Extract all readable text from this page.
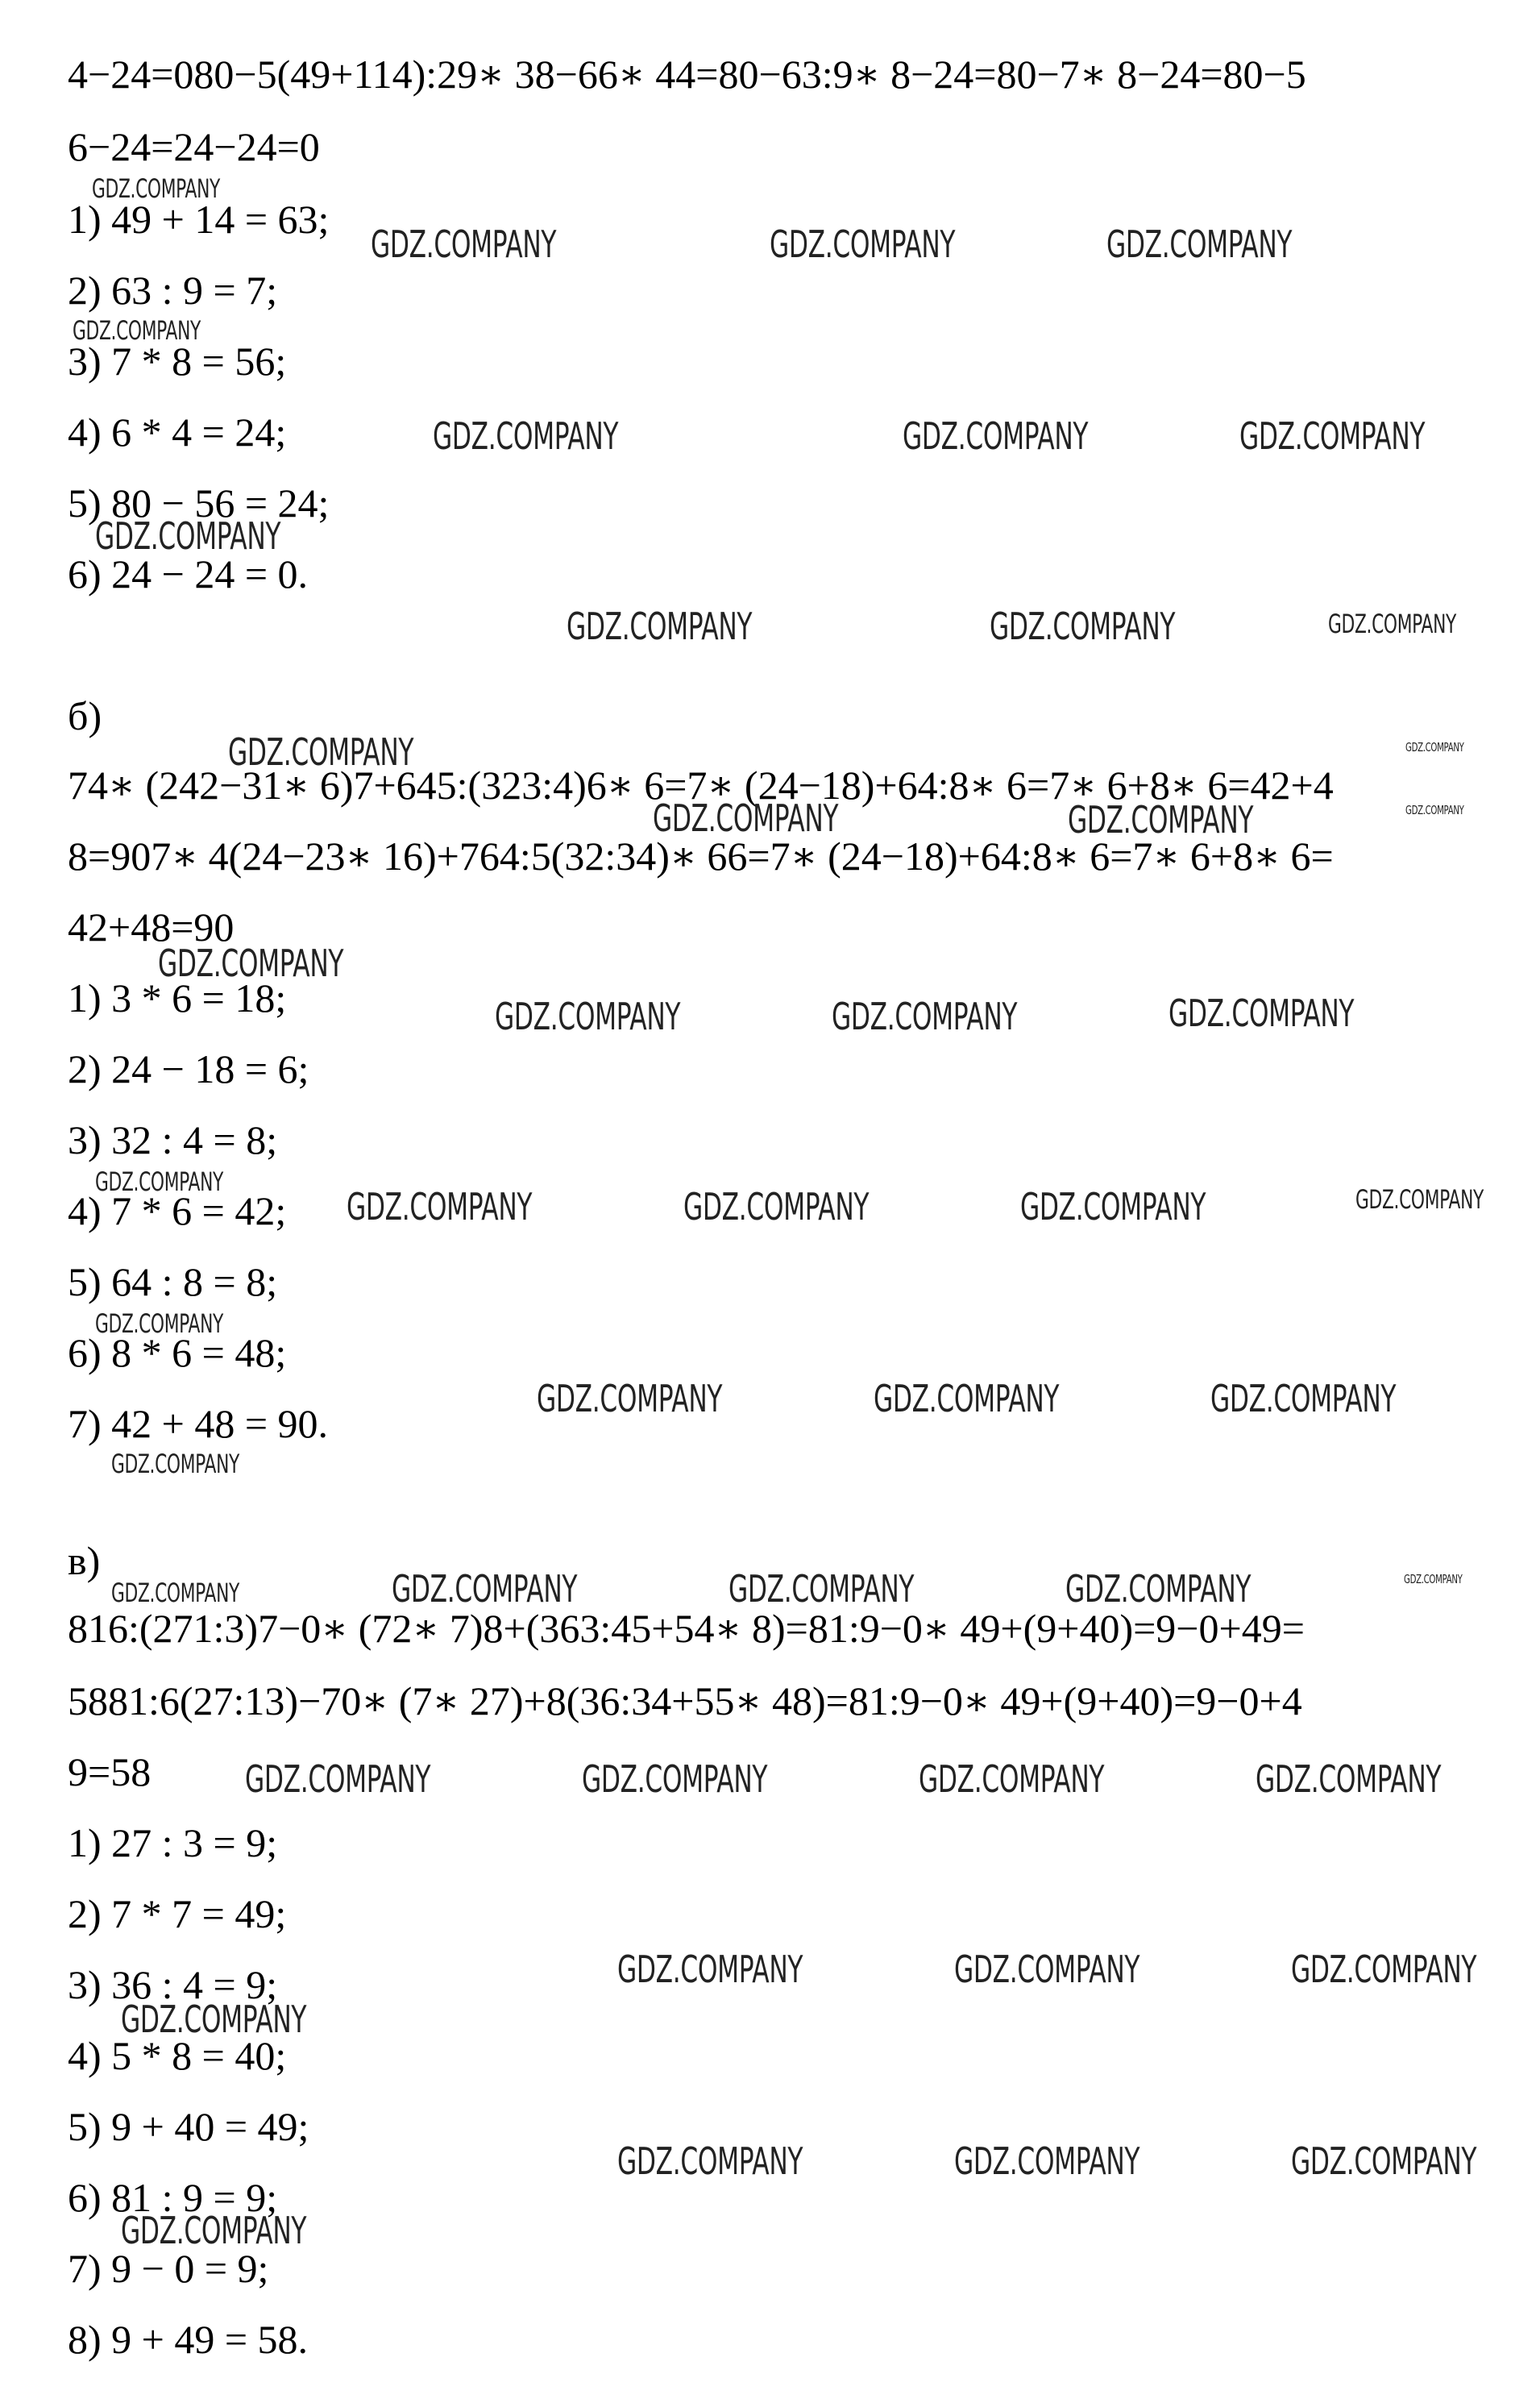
4−24=080−5(49+114):29∗ 38−66∗ 44=80−63:9∗ 8−24=80−7∗ 8−24=80−5

6−24=24−24=0

1) 49 + 14 = 63;

2) 63 : 9 = 7;

3) 7 * 8 = 56;

4) 6 * 4 = 24;

5) 80 − 56 = 24;

6) 24 − 24 = 0.

б)

74∗ (242−31∗ 6)7+645:(323:4)6∗ 6=7∗ (24−18)+64:8∗ 6=7∗ 6+8∗ 6=42+4

8=907∗ 4(24−23∗ 16)+764:5(32:34)∗ 66=7∗ (24−18)+64:8∗ 6=7∗ 6+8∗ 6=

42+48=90

1) 3 * 6 = 18;

2) 24 − 18 = 6;

3) 32 : 4 = 8;

4) 7 * 6 = 42;

5) 64 : 8 = 8;

6) 8 * 6 = 48;

7) 42 + 48 = 90.

в)

816:(271:3)7−0∗ (72∗ 7)8+(363:45+54∗ 8)=81:9−0∗ 49+(9+40)=9−0+49=

5881:6(27:13)−70∗ (7∗ 27)+8(36:34+55∗ 48)=81:9−0∗ 49+(9+40)=9−0+4

9=58

1) 27 : 3 = 9;

2) 7 * 7 = 49;

3) 36 : 4 = 9;

4) 5 * 8 = 40;

5) 9 + 40 = 49;

6) 81 : 9 = 9;

7) 9 − 0 = 9;

8) 9 + 49 = 58.

GDZ.COMPANY	GDZ.COMPANY	GDZ.COMPANY
GDZ.COMPANY	GDZ.COMPANY	GDZ.COMPANY
GDZ.COMPANY	GDZ.COMPANY
GDZ.COMPANY
GDZ.COMPANY	GDZ.COMPANY
GDZ.COMPANY
GDZ.COMPANY	GDZ.COMPANY	GDZ.COMPANY
GDZ.COMPANY	GDZ.COMPANY	GDZ.COMPANY
GDZ.COMPANY	GDZ.COMPANY	GDZ.COMPANY
GDZ.COMPANY	GDZ.COMPANY	GDZ.COMPANY
GDZ.COMPANY	GDZ.COMPANY	GDZ.COMPANY	GDZ.COMPANY
GDZ.COMPANY
GDZ.COMPANY	GDZ.COMPANY	GDZ.COMPANY
GDZ.COMPANY
GDZ.COMPANY
GDZ.COMPANY	GDZ.COMPANY	GDZ.COMPANY
GDZ.COMPANY
GDZ.COMPANY
GDZ.COMPANY
GDZ.COMPANY
GDZ.COMPANY
GDZ.COMPANY
GDZ.COMPANY
GDZ.COMPANY
GDZ.COMPANY
GDZ.COMPANY
GDZ.COMPANY
